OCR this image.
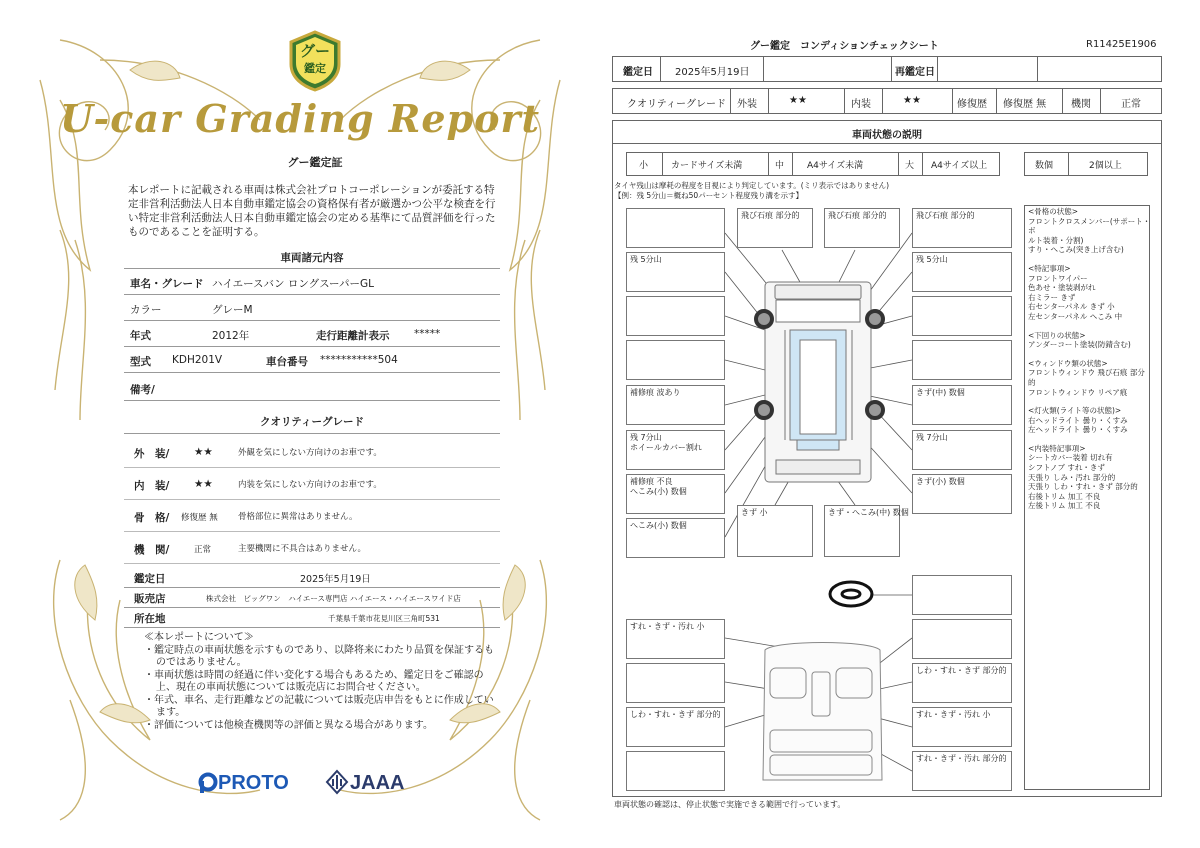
グー
鑑定
U-car Grading Report
グー鑑定証
本レポートに記載される車両は株式会社プロトコーポレーションが委託する特定非営利活動法人日本自動車鑑定協会の資格保有者が厳選かつ公平な検査を行い特定非営利活動法人日本自動車鑑定協会の定める基準にて品質評価を行ったものであることを証明する。
車両諸元内容
車名・グレード ハイエースバン ロングスーパーGL
カラー	グレーM
年式	2012年	走行距離計表示 *****
型式 KDH201V	車台番号 ***********504
備考/
クオリティーグレード
外　装/ ★★	外観を気にしない方向けのお車です。
内　装/ ★★	内装を気にしない方向けのお車です。
骨　格/ 修復歴 無 骨格部位に異常はありません。
機　関/	正常	主要機関に不具合はありません。
鑑定日	2025年5月19日
販売店	株式会社　ビッグワン　ハイエース専門店 ハイエース・ハイエースワイド店
所在地	千葉県千葉市花見川区三角町531
≪本レポートについて≫
・鑑定時点の車両状態を示すものであり、以降将来にわたり品質を保証するものではありません。
・車両状態は時間の経過に伴い変化する場合もあるため、鑑定日をご確認の上、現在の車両状態については販売店にお問合せください。
・年式、車名、走行距離などの記載については販売店申告をもとに作成しています。
・評価については他検査機関等の評価と異なる場合があります。
PROTO	JAAA
グー鑑定　コンディションチェックシート	R11425E1906
鑑定日 2025年5月19日	再鑑定日
クオリティーグレード 外装	★★	内装	★★	修復歴 修復歴 無 機関	正常
車両状態の説明
小	カードサイズ未満	中	A4サイズ未満	大 A4サイズ以上	数個	2個以上
タイヤ残山は摩耗の程度を目視により判定しています。(ミリ表示ではありません)
【例：残 5分山＝概ね50パーセント程度残り溝を示す】
<骨格の状態>
フロントクロスメンバー(サポート・ボ
ルト装着・分割)
すり・へこみ(突き上げ含む)
<特記事項>
フロントワイパー
色あせ・塗装剥がれ
右ミラー きず
右センターパネル きず 小
左センターパネル へこみ 中
<下回りの状態>
アンダーコート塗装(防錆含む)
<ウィンドウ類の状態>
フロントウィンドウ 飛び石痕 部分的
フロントウィンドウ リペア痕
<灯火類(ライト等の状態)>
右ヘッドライト 曇り・くすみ
左ヘッドライト 曇り・くすみ
<内装特記事項>
シートカバー装着 切れ有
シフトノブ すれ・きず
天張り しみ・汚れ 部分的
天張り しわ・すれ・きず 部分的
右後トリム 加工 不良
左後トリム 加工 不良
飛び石痕 部分的	飛び石痕 部分的	飛び石痕 部分的
残 5分山	残 5分山
補修痕 波あり	きず(中) 数個
残 7分山
ホイールカバー割れ
残 7分山
補修痕 不良
へこみ(小) 数個
きず(小) 数個
へこみ(小) 数個
きず 小	きず・へこみ(中) 数個
すれ・きず・汚れ 小
しわ・すれ・きず 部分的
しわ・すれ・きず 部分的	すれ・きず・汚れ 小
すれ・きず・汚れ 部分的
車両状態の確認は、停止状態で実施できる範囲で行っています。
